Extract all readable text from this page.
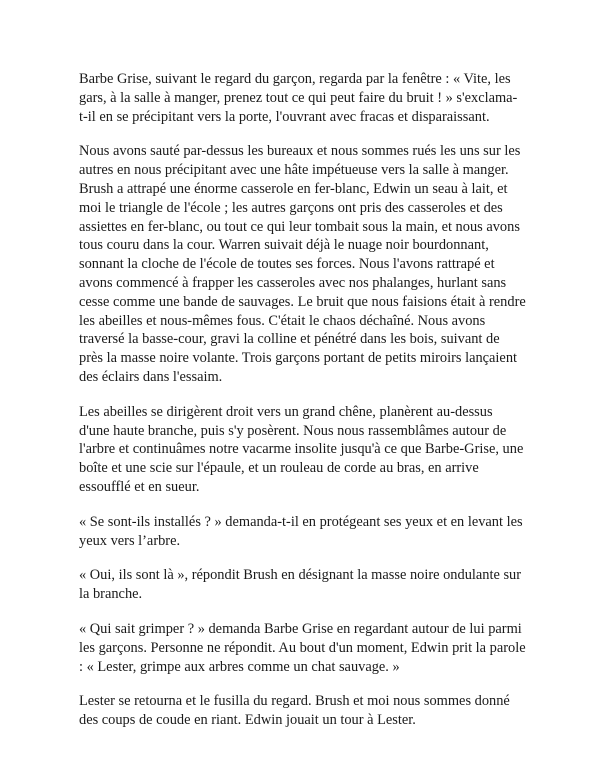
Barbe Grise, suivant le regard du garçon, regarda par la fenêtre : « Vite, les gars, à la salle à manger, prenez tout ce qui peut faire du bruit ! » s'exclama-t-il en se précipitant vers la porte, l'ouvrant avec fracas et disparaissant.

Nous avons sauté par-dessus les bureaux et nous sommes rués les uns sur les autres en nous précipitant avec une hâte impétueuse vers la salle à manger. Brush a attrapé une énorme casserole en fer-blanc, Edwin un seau à lait, et moi le triangle de l'école ; les autres garçons ont pris des casseroles et des assiettes en fer-blanc, ou tout ce qui leur tombait sous la main, et nous avons tous couru dans la cour. Warren suivait déjà le nuage noir bourdonnant, sonnant la cloche de l'école de toutes ses forces. Nous l'avons rattrapé et avons commencé à frapper les casseroles avec nos phalanges, hurlant sans cesse comme une bande de sauvages. Le bruit que nous faisions était à rendre les abeilles et nous-mêmes fous. C'était le chaos déchaîné. Nous avons traversé la basse-cour, gravi la colline et pénétré dans les bois, suivant de près la masse noire volante. Trois garçons portant de petits miroirs lançaient des éclairs dans l'essaim.

Les abeilles se dirigèrent droit vers un grand chêne, planèrent au-dessus d'une haute branche, puis s'y posèrent. Nous nous rassemblâmes autour de l'arbre et continuâmes notre vacarme insolite jusqu'à ce que Barbe-Grise, une boîte et une scie sur l'épaule, et un rouleau de corde au bras, en arrive essoufflé et en sueur.

« Se sont-ils installés ? » demanda-t-il en protégeant ses yeux et en levant les yeux vers l’arbre.

« Oui, ils sont là », répondit Brush en désignant la masse noire ondulante sur la branche.

« Qui sait grimper ? » demanda Barbe Grise en regardant autour de lui parmi les garçons. Personne ne répondit. Au bout d'un moment, Edwin prit la parole : « Lester, grimpe aux arbres comme un chat sauvage. »

Lester se retourna et le fusilla du regard. Brush et moi nous sommes donné des coups de coude en riant. Edwin jouait un tour à Lester.
